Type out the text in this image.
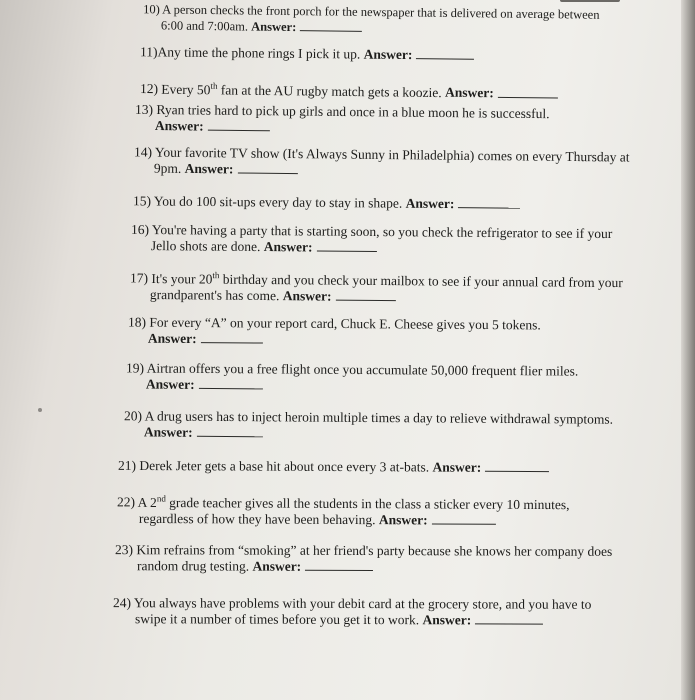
10) A person checks the front porch for the newspaper that is delivered on average between
6:00 and 7:00am. Answer:
11)Any time the phone rings I pick it up. Answer:
12) Every 50th fan at the AU rugby match gets a koozie. Answer:
13) Ryan tries hard to pick up girls and once in a blue moon he is successful.
Answer:
14) Your favorite TV show (It's Always Sunny in Philadelphia) comes on every Thursday at
9pm. Answer:
15) You do 100 sit-ups every day to stay in shape. Answer:
16) You're having a party that is starting soon, so you check the refrigerator to see if your
Jello shots are done. Answer:
17) It's your 20th birthday and you check your mailbox to see if your annual card from your
grandparent's has come. Answer:
18) For every “A” on your report card, Chuck E. Cheese gives you 5 tokens.
Answer:
19) Airtran offers you a free flight once you accumulate 50,000 frequent flier miles.
Answer:
20) A drug users has to inject heroin multiple times a day to relieve withdrawal symptoms.
Answer:
21) Derek Jeter gets a base hit about once every 3 at-bats. Answer:
22) A 2nd grade teacher gives all the students in the class a sticker every 10 minutes,
regardless of how they have been behaving. Answer:
23) Kim refrains from “smoking” at her friend's party because she knows her company does
random drug testing. Answer:
24) You always have problems with your debit card at the grocery store, and you have to
swipe it a number of times before you get it to work. Answer:
